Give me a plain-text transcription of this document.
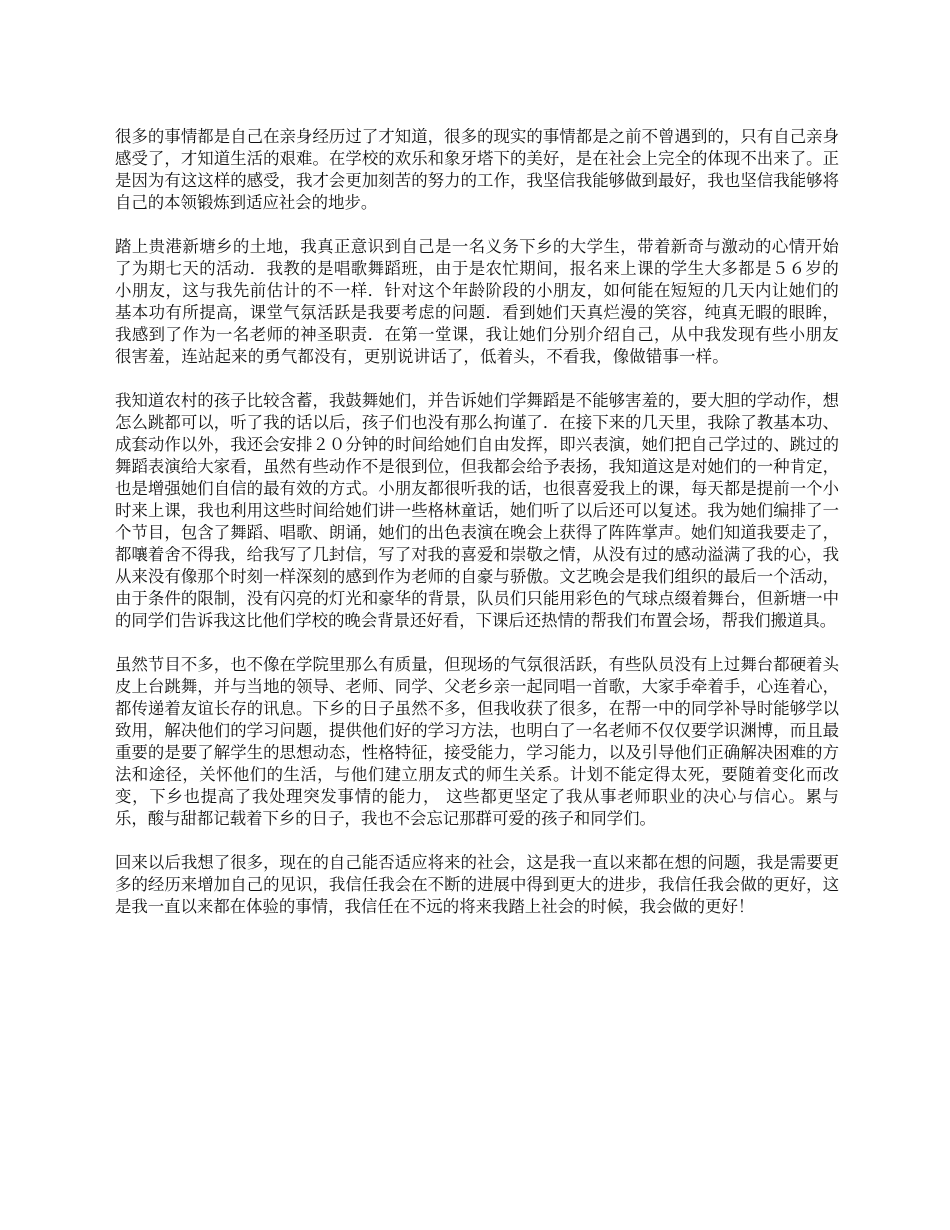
很多的事情都是自己在亲身经历过了才知道，很多的现实的事情都是之前不曾遇到的，只有自己亲身感受了，才知道生活的艰难。在学校的欢乐和象牙塔下的美好，是在社会上完全的体现不出来了。正是因为有这这样的感受，我才会更加刻苦的努力的工作，我坚信我能够做到最好，我也坚信我能够将自己的本领锻炼到适应社会的地步。

踏上贵港新塘乡的土地，我真正意识到自己是一名义务下乡的大学生，带着新奇与激动的心情开始了为期七天的活动．我教的是唱歌舞蹈班，由于是农忙期间，报名来上课的学生大多都是５６岁的小朋友，这与我先前估计的不一样．针对这个年龄阶段的小朋友，如何能在短短的几天内让她们的基本功有所提高，课堂气氛活跃是我要考虑的问题．看到她们天真烂漫的笑容，纯真无暇的眼眸，我感到了作为一名老师的神圣职责．在第一堂课，我让她们分别介绍自己，从中我发现有些小朋友很害羞，连站起来的勇气都没有，更别说讲话了，低着头，不看我，像做错事一样。

我知道农村的孩子比较含蓄，我鼓舞她们，并告诉她们学舞蹈是不能够害羞的，要大胆的学动作，想怎么跳都可以，听了我的话以后，孩子们也没有那么拘谨了．在接下来的几天里，我除了教基本功、成套动作以外，我还会安排２０分钟的时间给她们自由发挥，即兴表演，她们把自己学过的、跳过的舞蹈表演给大家看，虽然有些动作不是很到位，但我都会给予表扬，我知道这是对她们的一种肯定，也是增强她们自信的最有效的方式。小朋友都很听我的话，也很喜爱我上的课，每天都是提前一个小时来上课，我也利用这些时间给她们讲一些格林童话，她们听了以后还可以复述。我为她们编排了一个节目，包含了舞蹈、唱歌、朗诵，她们的出色表演在晚会上获得了阵阵掌声。她们知道我要走了，都嚷着舍不得我，给我写了几封信，写了对我的喜爱和崇敬之情，从没有过的感动溢满了我的心，我从来没有像那个时刻一样深刻的感到作为老师的自豪与骄傲。文艺晚会是我们组织的最后一个活动，由于条件的限制，没有闪亮的灯光和豪华的背景，队员们只能用彩色的气球点缀着舞台，但新塘一中的同学们告诉我这比他们学校的晚会背景还好看，下课后还热情的帮我们布置会场，帮我们搬道具。

虽然节目不多，也不像在学院里那么有质量，但现场的气氛很活跃，有些队员没有上过舞台都硬着头皮上台跳舞，并与当地的领导、老师、同学、父老乡亲一起同唱一首歌，大家手牵着手，心连着心，都传递着友谊长存的讯息。下乡的日子虽然不多，但我收获了很多，在帮一中的同学补导时能够学以致用，解决他们的学习问题，提供他们好的学习方法，也明白了一名老师不仅仅要学识渊博，而且最重要的是要了解学生的思想动态，性格特征，接受能力，学习能力，以及引导他们正确解决困难的方法和途径，关怀他们的生活，与他们建立朋友式的师生关系。计划不能定得太死，要随着变化而改变，下乡也提高了我处理突发事情的能力， 这些都更坚定了我从事老师职业的决心与信心。累与乐，酸与甜都记载着下乡的日子，我也不会忘记那群可爱的孩子和同学们。

回来以后我想了很多，现在的自己能否适应将来的社会，这是我一直以来都在想的问题，我是需要更多的经历来增加自己的见识，我信任我会在不断的进展中得到更大的进步，我信任我会做的更好，这是我一直以来都在体验的事情，我信任在不远的将来我踏上社会的时候，我会做的更好！
